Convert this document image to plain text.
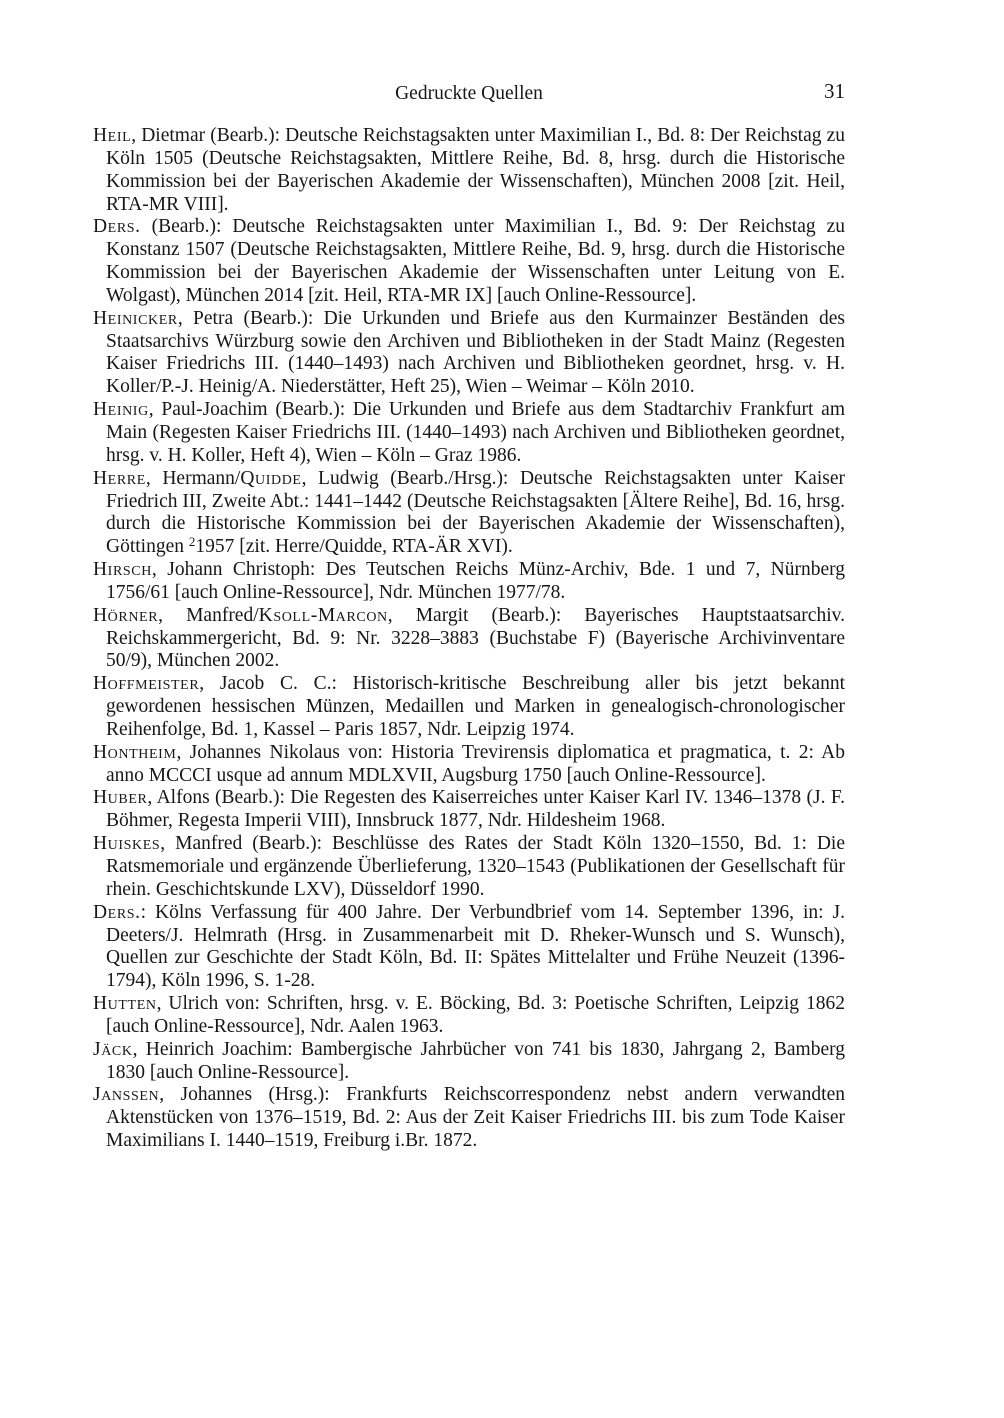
Gedruckte Quellen	31

Heil, Dietmar (Bearb.): Deutsche Reichstagsakten unter Maximilian I., Bd. 8: Der Reichstag zu Köln 1505 (Deutsche Reichstagsakten, Mittlere Reihe, Bd. 8, hrsg. durch die Historische Kommission bei der Bayerischen Akademie der Wissenschaften), München 2008 [zit. Heil, RTA-MR VIII].

Ders. (Bearb.): Deutsche Reichstagsakten unter Maximilian I., Bd. 9: Der Reichstag zu Konstanz 1507 (Deutsche Reichstagsakten, Mittlere Reihe, Bd. 9, hrsg. durch die Historische Kommission bei der Bayerischen Akademie der Wissenschaften unter Leitung von E. Wolgast), München 2014 [zit. Heil, RTA-MR IX] [auch Online-Ressource].

Heinicker, Petra (Bearb.): Die Urkunden und Briefe aus den Kurmainzer Beständen des Staatsarchivs Würzburg sowie den Archiven und Bibliotheken in der Stadt Mainz (Regesten Kaiser Friedrichs III. (1440–1493) nach Archiven und Bibliotheken geordnet, hrsg. v. H. Koller/P.-J. Heinig/A. Niederstätter, Heft 25), Wien – Weimar – Köln 2010.

Heinig, Paul-Joachim (Bearb.): Die Urkunden und Briefe aus dem Stadtarchiv Frankfurt am Main (Regesten Kaiser Friedrichs III. (1440–1493) nach Archiven und Bibliotheken geordnet, hrsg. v. H. Koller, Heft 4), Wien – Köln – Graz 1986.

Herre, Hermann/Quidde, Ludwig (Bearb./Hrsg.): Deutsche Reichstagsakten unter Kaiser Friedrich III, Zweite Abt.: 1441–1442 (Deutsche Reichstagsakten [Ältere Reihe], Bd. 16, hrsg. durch die Historische Kommission bei der Bayerischen Akademie der Wissenschaften), Göttingen $^2$1957 [zit. Herre/Quidde, RTA-ÄR XVI).

Hirsch, Johann Christoph: Des Teutschen Reichs Münz-Archiv, Bde. 1 und 7, Nürnberg 1756/61 [auch Online-Ressource], Ndr. München 1977/78.

Hörner, Manfred/Ksoll-Marcon, Margit (Bearb.): Bayerisches Hauptstaatsarchiv. Reichskammergericht, Bd. 9: Nr. 3228–3883 (Buchstabe F) (Bayerische Archivinventare 50/9), München 2002.

Hoffmeister, Jacob C. C.: Historisch-kritische Beschreibung aller bis jetzt bekannt gewordenen hessischen Münzen, Medaillen und Marken in genealogisch-chronologischer Reihenfolge, Bd. 1, Kassel – Paris 1857, Ndr. Leipzig 1974.

Hontheim, Johannes Nikolaus von: Historia Trevirensis diplomatica et pragmatica, t. 2: Ab anno MCCCI usque ad annum MDLXVII, Augsburg 1750 [auch Online-Ressource].

Huber, Alfons (Bearb.): Die Regesten des Kaiserreiches unter Kaiser Karl IV. 1346–1378 (J. F. Böhmer, Regesta Imperii VIII), Innsbruck 1877, Ndr. Hildesheim 1968.

Huiskes, Manfred (Bearb.): Beschlüsse des Rates der Stadt Köln 1320–1550, Bd. 1: Die Ratsmemoriale und ergänzende Überlieferung, 1320–1543 (Publikationen der Gesellschaft für rhein. Geschichtskunde LXV), Düsseldorf 1990.

Ders.: Kölns Verfassung für 400 Jahre. Der Verbundbrief vom 14. September 1396, in: J. Deeters/J. Helmrath (Hrsg. in Zusammenarbeit mit D. Rheker-Wunsch und S. Wunsch), Quellen zur Geschichte der Stadt Köln, Bd. II: Spätes Mittelalter und Frühe Neuzeit (1396-1794), Köln 1996, S. 1-28.

Hutten, Ulrich von: Schriften, hrsg. v. E. Böcking, Bd. 3: Poetische Schriften, Leipzig 1862 [auch Online-Ressource], Ndr. Aalen 1963.

Jäck, Heinrich Joachim: Bambergische Jahrbücher von 741 bis 1830, Jahrgang 2, Bamberg 1830 [auch Online-Ressource].

Janssen, Johannes (Hrsg.): Frankfurts Reichscorrespondenz nebst andern verwandten Aktenstücken von 1376–1519, Bd. 2: Aus der Zeit Kaiser Friedrichs III. bis zum Tode Kaiser Maximilians I. 1440–1519, Freiburg i.Br. 1872.
